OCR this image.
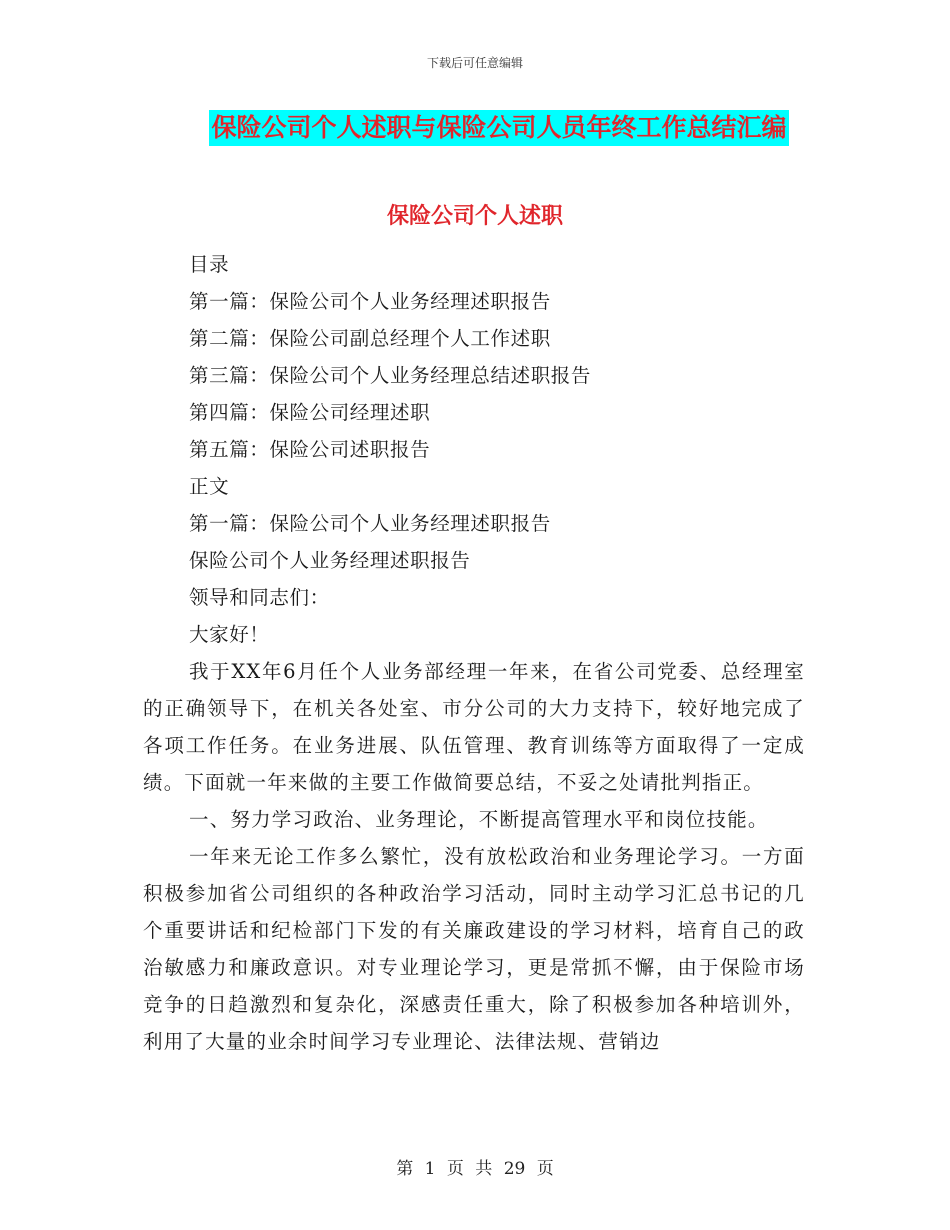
下载后可任意编辑
保险公司个人述职与保险公司人员年终工作总结汇编
保险公司个人述职

目录

第一篇：保险公司个人业务经理述职报告

第二篇：保险公司副总经理个人工作述职

第三篇：保险公司个人业务经理总结述职报告

第四篇：保险公司经理述职

第五篇：保险公司述职报告

正文

第一篇：保险公司个人业务经理述职报告

保险公司个人业务经理述职报告

领导和同志们：

大家好！

我于XX年6月任个人业务部经理一年来，在省公司党委、总经理室的正确领导下，在机关各处室、市分公司的大力支持下，较好地完成了各项工作任务。在业务进展、队伍管理、教育训练等方面取得了一定成绩。下面就一年来做的主要工作做简要总结，不妥之处请批判指正。

一、努力学习政治、业务理论，不断提高管理水平和岗位技能。

一年来无论工作多么繁忙，没有放松政治和业务理论学习。一方面积极参加省公司组织的各种政治学习活动，同时主动学习汇总书记的几个重要讲话和纪检部门下发的有关廉政建设的学习材料，培育自己的政治敏感力和廉政意识。对专业理论学习，更是常抓不懈，由于保险市场竞争的日趋激烈和复杂化，深感责任重大，除了积极参加各种培训外，利用了大量的业余时间学习专业理论、法律法规、营销边

第 1 页 共 29 页
